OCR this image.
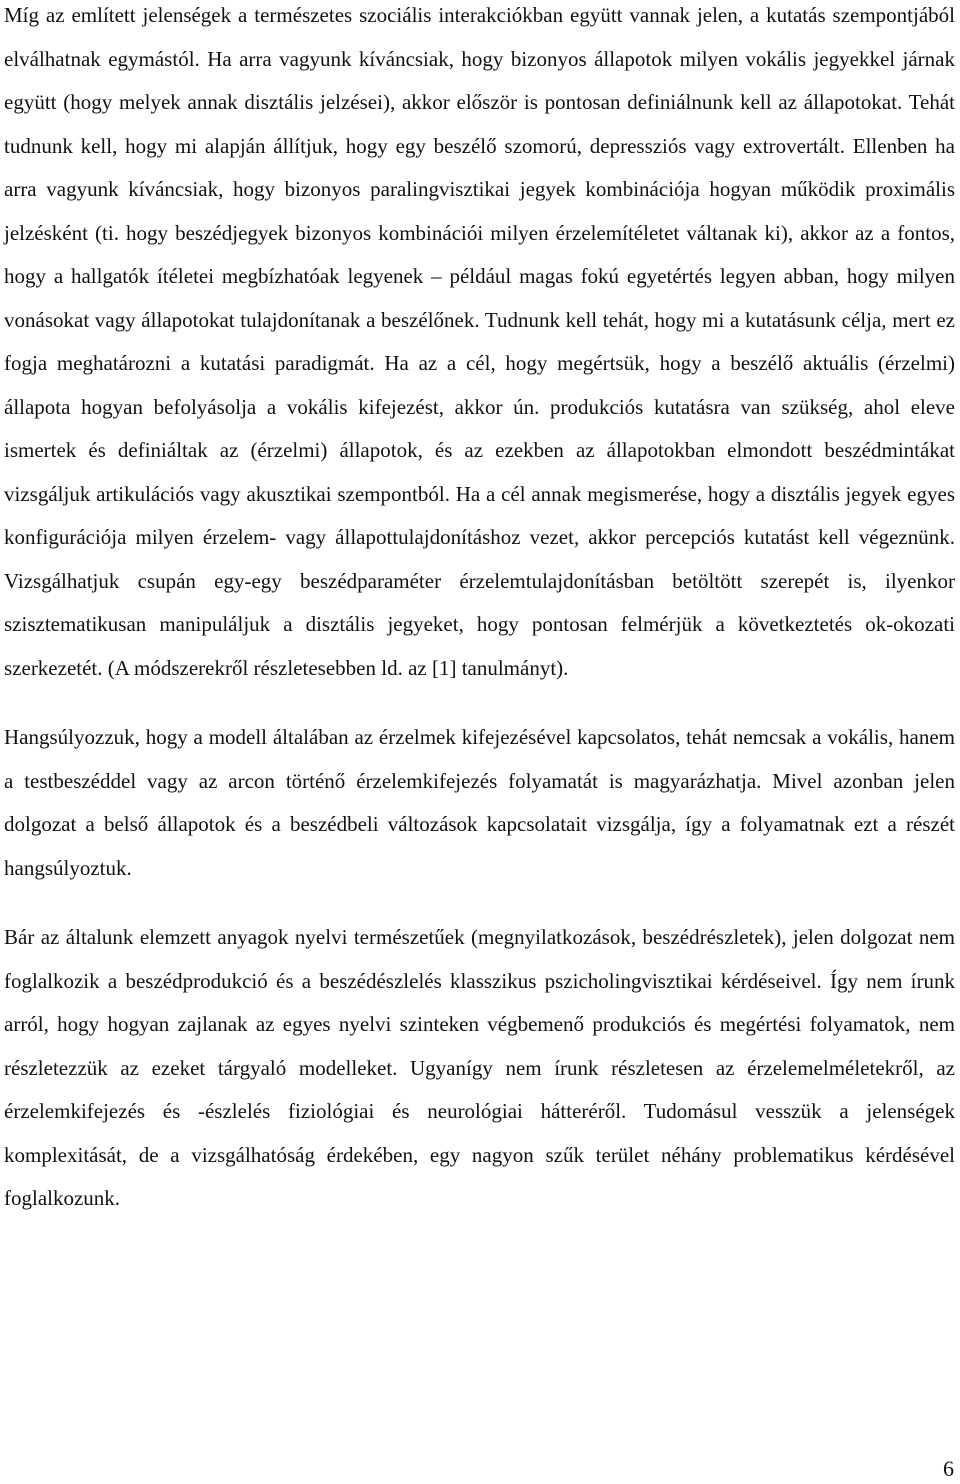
Míg az említett jelenségek a természetes szociális interakciókban együtt vannak jelen, a kutatás szempontjából elválhatnak egymástól. Ha arra vagyunk kíváncsiak, hogy bizonyos állapotok milyen vokális jegyekkel járnak együtt (hogy melyek annak disztális jelzései), akkor először is pontosan definiálnunk kell az állapotokat. Tehát tudnunk kell, hogy mi alapján állítjuk, hogy egy beszélő szomorú, depressziós vagy extrovertált. Ellenben ha arra vagyunk kíváncsiak, hogy bizonyos paralingvisztikai jegyek kombinációja hogyan működik proximális jelzésként (ti. hogy beszédjegyek bizonyos kombinációi milyen érzelemítéletet váltanak ki), akkor az a fontos, hogy a hallgatók ítéletei megbízhatóak legyenek – például magas fokú egyetértés legyen abban, hogy milyen vonásokat vagy állapotokat tulajdonítanak a beszélőnek. Tudnunk kell tehát, hogy mi a kutatásunk célja, mert ez fogja meghatározni a kutatási paradigmát. Ha az a cél, hogy megértsük, hogy a beszélő aktuális (érzelmi) állapota hogyan befolyásolja a vokális kifejezést, akkor ún. produkciós kutatásra van szükség, ahol eleve ismertek és definiáltak az (érzelmi) állapotok, és az ezekben az állapotokban elmondott beszédmintákat vizsgáljuk artikulációs vagy akusztikai szempontból. Ha a cél annak megismerése, hogy a disztális jegyek egyes konfigurációja milyen érzelem- vagy állapottulajdonításhoz vezet, akkor percepciós kutatást kell végeznünk. Vizsgálhatjuk csupán egy-egy beszédparaméter érzelemtulajdonításban betöltött szerepét is, ilyenkor szisztematikusan manipuláljuk a disztális jegyeket, hogy pontosan felmérjük a következtetés ok-okozati szerkezetét. (A módszerekről részletesebben ld. az [1] tanulmányt).

Hangsúlyozzuk, hogy a modell általában az érzelmek kifejezésével kapcsolatos, tehát nemcsak a vokális, hanem a testbeszéddel vagy az arcon történő érzelemkifejezés folyamatát is magyarázhatja. Mivel azonban jelen dolgozat a belső állapotok és a beszédbeli változások kapcsolatait vizsgálja, így a folyamatnak ezt a részét hangsúlyoztuk.

Bár az általunk elemzett anyagok nyelvi természetűek (megnyilatkozások, beszédrészletek), jelen dolgozat nem foglalkozik a beszédprodukció és a beszédészlelés klasszikus pszicholingvisztikai kérdéseivel. Így nem írunk arról, hogy hogyan zajlanak az egyes nyelvi szinteken végbemenő produkciós és megértési folyamatok, nem részletezzük az ezeket tárgyaló modelleket. Ugyanígy nem írunk részletesen az érzelemelméletekről, az érzelemkifejezés és -észlelés fiziológiai és neurológiai hátteréről. Tudomásul vesszük a jelenségek komplexitását, de a vizsgálhatóság érdekében, egy nagyon szűk terület néhány problematikus kérdésével foglalkozunk.

6
